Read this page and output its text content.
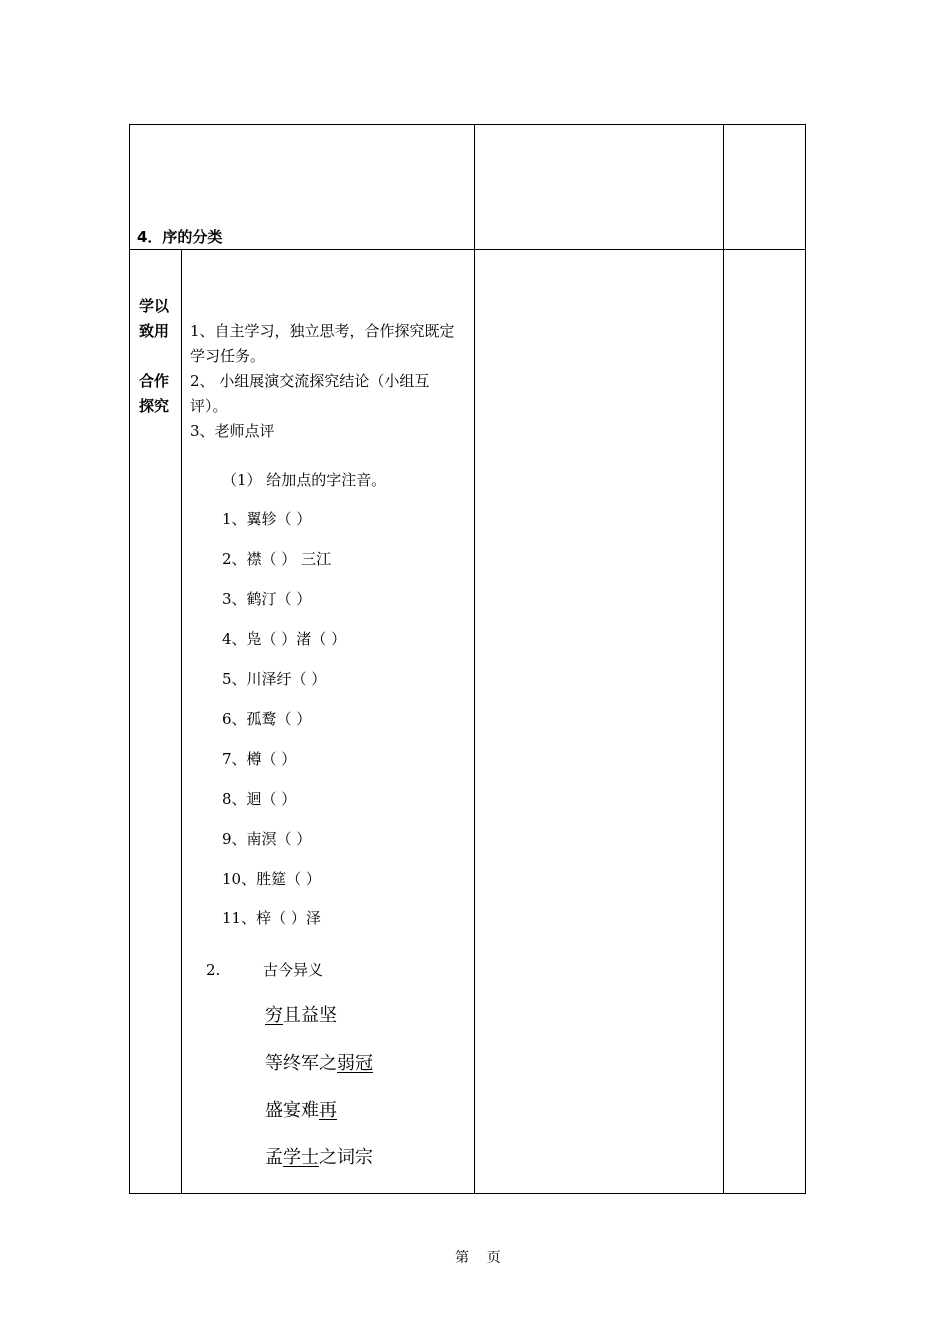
4．序的分类
学以
致用
合作
探究
1、自主学习，独立思考，合作探究既定
学习任务。
2、 小组展演交流探究结论（小组互
评）。
3、老师点评
（1） 给加点的字注音。
1、翼轸（ ）
2、襟（ ） 三江
3、鹤汀（ ）
4、凫（ ）渚（ ）
5、川泽纡（ ）
6、孤鹜（ ）
7、樽（ ）
8、迴（ ）
9、南溟（ ）
10、胜筵（ ）
11、梓（ ）泽
2.	古今异义
穷且益坚
等终军之弱冠
盛宴难再
孟学士之词宗
第    页
